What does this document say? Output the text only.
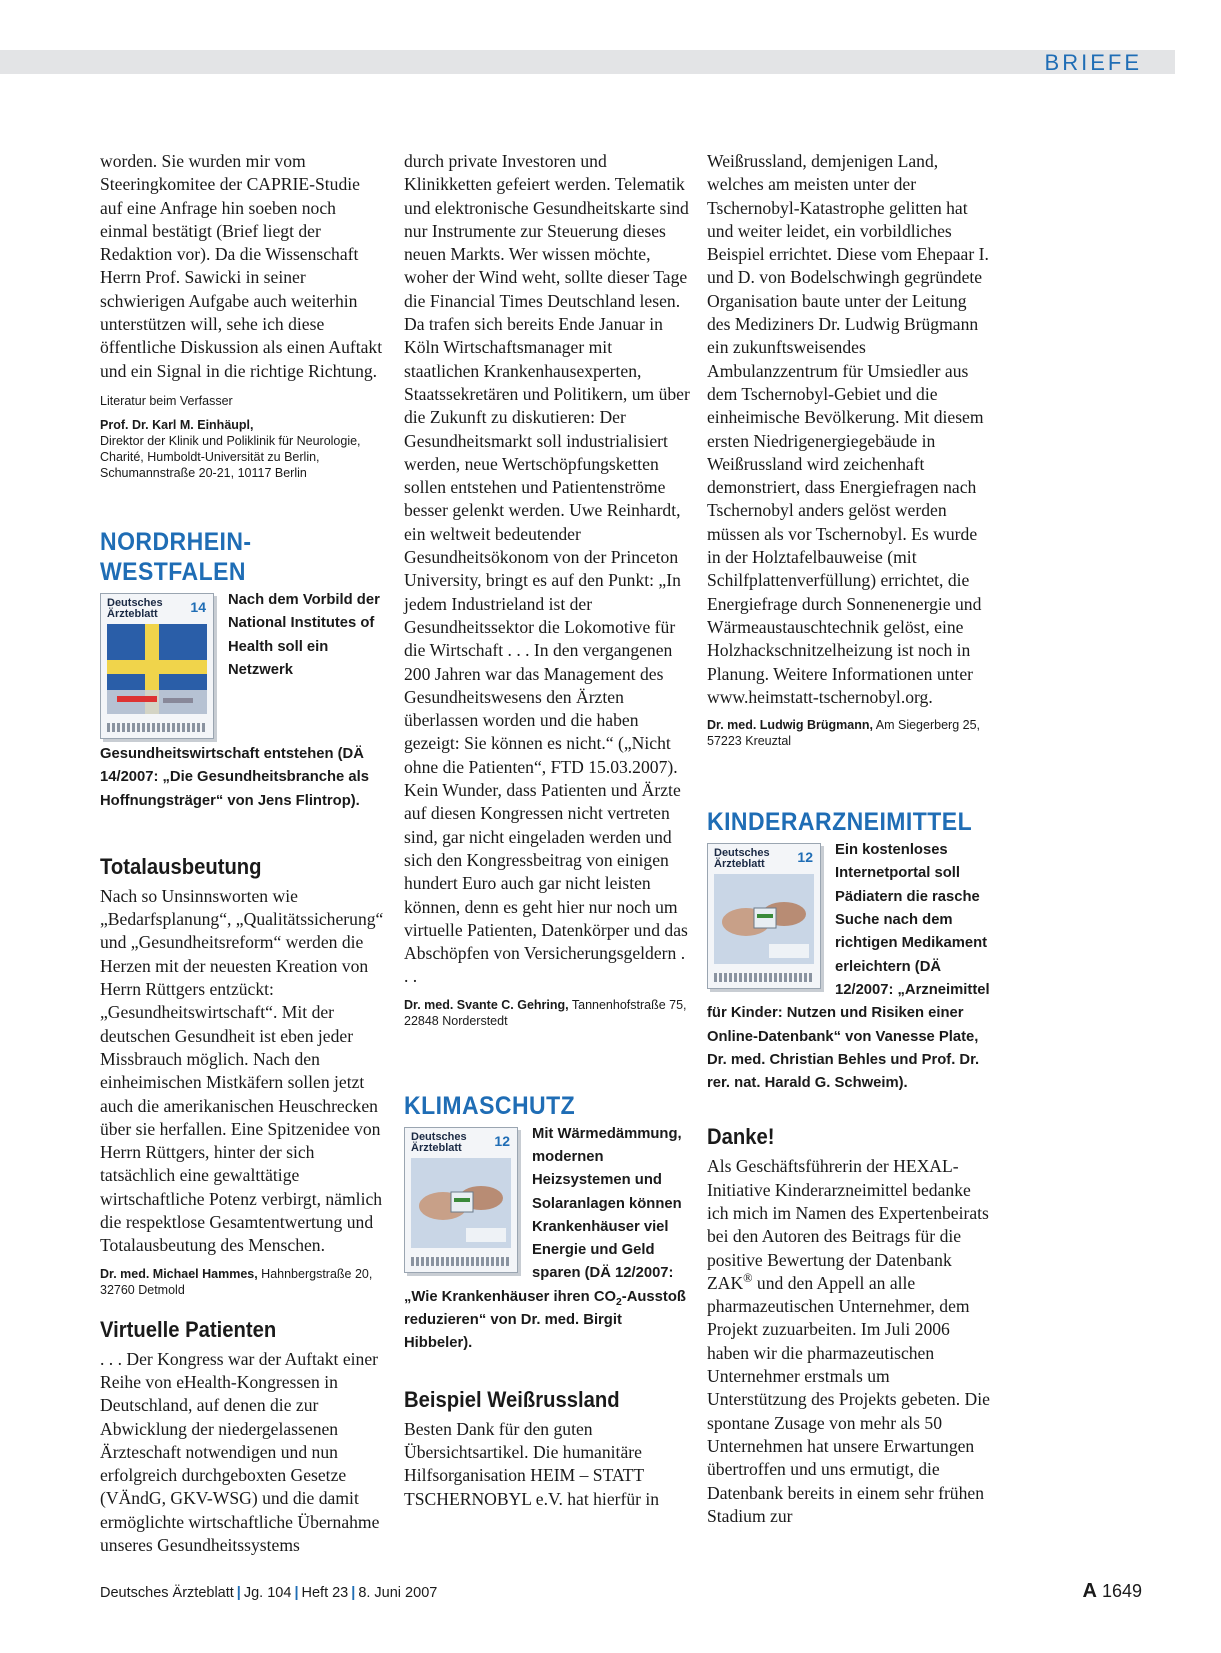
BRIEFE

worden. Sie wurden mir vom Steeringkomitee der CAPRIE-Studie auf eine Anfrage hin soeben noch einmal bestätigt (Brief liegt der Redaktion vor). Da die Wissenschaft Herrn Prof. Sawicki in seiner schwierigen Aufgabe auch weiterhin unterstützen will, sehe ich diese öffentliche Diskussion als einen Auftakt und ein Signal in die richtige Richtung.

Literatur beim Verfasser

Prof. Dr. Karl M. Einhäupl,
Direktor der Klinik und Poliklinik für Neurologie,
Charité, Humboldt-Universität zu Berlin,
Schumannstraße 20-21, 10117 Berlin
NORDRHEIN-WESTFALEN
Deutsches
Ärzteblatt	14	Nach dem Vorbild der National Institutes of Health soll ein Netzwerk Gesundheitswirtschaft entstehen (DÄ 14/2007: „Die Gesundheitsbranche als Hoffnungsträger“ von Jens Flintrop).

Totalausbeutung

Nach so Unsinnsworten wie „Bedarfsplanung“, „Qualitätssicherung“ und „Gesundheitsreform“ werden die Herzen mit der neuesten Kreation von Herrn Rüttgers entzückt: „Gesundheitswirtschaft“. Mit der deutschen Gesundheit ist eben jeder Missbrauch möglich. Nach den einheimischen Mistkäfern sollen jetzt auch die amerikanischen Heuschrecken über sie herfallen. Eine Spitzenidee von Herrn Rüttgers, hinter der sich tatsächlich eine gewalttätige wirtschaftliche Potenz verbirgt, nämlich die respektlose Gesamtentwertung und Totalausbeutung des Menschen.

Dr. med. Michael Hammes, Hahnbergstraße 20, 32760 Detmold

Virtuelle Patienten

. . . Der Kongress war der Auftakt einer Reihe von eHealth-Kongressen in Deutschland, auf denen die zur Abwicklung der niedergelassenen Ärzteschaft notwendigen und nun erfolgreich durchgeboxten Gesetze (VÄndG, GKV-WSG) und die damit ermöglichte wirtschaftliche Übernahme unseres Gesundheitssystems

durch private Investoren und Klinikketten gefeiert werden. Telematik und elektronische Gesundheitskarte sind nur Instrumente zur Steuerung dieses neuen Markts. Wer wissen möchte, woher der Wind weht, sollte dieser Tage die Financial Times Deutschland lesen. Da trafen sich bereits Ende Januar in Köln Wirtschaftsmanager mit staatlichen Krankenhausexperten, Staatssekretären und Politikern, um über die Zukunft zu diskutieren: Der Gesundheitsmarkt soll industrialisiert werden, neue Wertschöpfungsketten sollen entstehen und Patientenströme besser gelenkt werden. Uwe Reinhardt, ein weltweit bedeutender Gesundheitsökonom von der Princeton University, bringt es auf den Punkt: „In jedem Industrieland ist der Gesundheitssektor die Lokomotive für die Wirtschaft . . . In den vergangenen 200 Jahren war das Management des Gesundheitswesens den Ärzten überlassen worden und die haben gezeigt: Sie können es nicht.“ („Nicht ohne die Patienten“, FTD 15.03.2007). Kein Wunder, dass Patienten und Ärzte auf diesen Kongressen nicht vertreten sind, gar nicht eingeladen werden und sich den Kongressbeitrag von einigen hundert Euro auch gar nicht leisten können, denn es geht hier nur noch um virtuelle Patienten, Datenkörper und das Abschöpfen von Versicherungsgeldern . . .

Dr. med. Svante C. Gehring, Tannenhofstraße 75, 22848 Norderstedt

KLIMASCHUTZ
Deutsches
Ärzteblatt	12	Mit Wärmedämmung, modernen Heizsystemen und Solaranlagen können Krankenhäuser viel Energie und Geld sparen (DÄ 12/2007: „Wie Krankenhäuser ihren $CO_2$-Ausstoß reduzieren“ von Dr. med. Birgit Hibbeler).

Beispiel Weißrussland

Besten Dank für den guten Übersichtsartikel. Die humanitäre Hilfsorganisation HEIM – STATT TSCHERNOBYL e.V. hat hierfür in

Weißrussland, demjenigen Land, welches am meisten unter der Tschernobyl-Katastrophe gelitten hat und weiter leidet, ein vorbildliches Beispiel errichtet. Diese vom Ehepaar I. und D. von Bodelschwingh gegründete Organisation baute unter der Leitung des Mediziners Dr. Ludwig Brügmann ein zukunftsweisendes Ambulanzzentrum für Umsiedler aus dem Tschernobyl-Gebiet und die einheimische Bevölkerung. Mit diesem ersten Niedrigenergiegebäude in Weißrussland wird zeichenhaft demonstriert, dass Energiefragen nach Tschernobyl anders gelöst werden müssen als vor Tschernobyl. Es wurde in der Holztafelbauweise (mit Schilfplattenverfüllung) errichtet, die Energiefrage durch Sonnenenergie und Wärmeaustauschtechnik gelöst, eine Holzhackschnitzelheizung ist noch in Planung. Weitere Informationen unter www.heimstatt-tschernobyl.org.

Dr. med. Ludwig Brügmann, Am Siegerberg 25, 57223 Kreuztal

KINDERARZNEIMITTEL
Deutsches
Ärzteblatt	12	Ein kostenloses Internetportal soll Pädiatern die rasche Suche nach dem richtigen Medikament erleichtern (DÄ 12/2007: „Arzneimittel für Kinder: Nutzen und Risiken einer Online-Datenbank“ von Vanesse Plate, Dr. med. Christian Behles und Prof. Dr. rer. nat. Harald G. Schweim).

Danke!

Als Geschäftsführerin der HEXAL-Initiative Kinderarzneimittel bedanke ich mich im Namen des Expertenbeirats bei den Autoren des Beitrags für die positive Bewertung der Datenbank ZAK® und den Appell an alle pharmazeutischen Unternehmer, dem Projekt zuzuarbeiten. Im Juli 2006 haben wir die pharmazeutischen Unternehmer erstmals um Unterstützung des Projekts gebeten. Die spontane Zusage von mehr als 50 Unternehmen hat unsere Erwartungen übertroffen und uns ermutigt, die Datenbank bereits in einem sehr frühen Stadium zur

Deutsches Ärzteblatt | Jg. 104 | Heft 23 | 8. Juni 2007	A 1649
